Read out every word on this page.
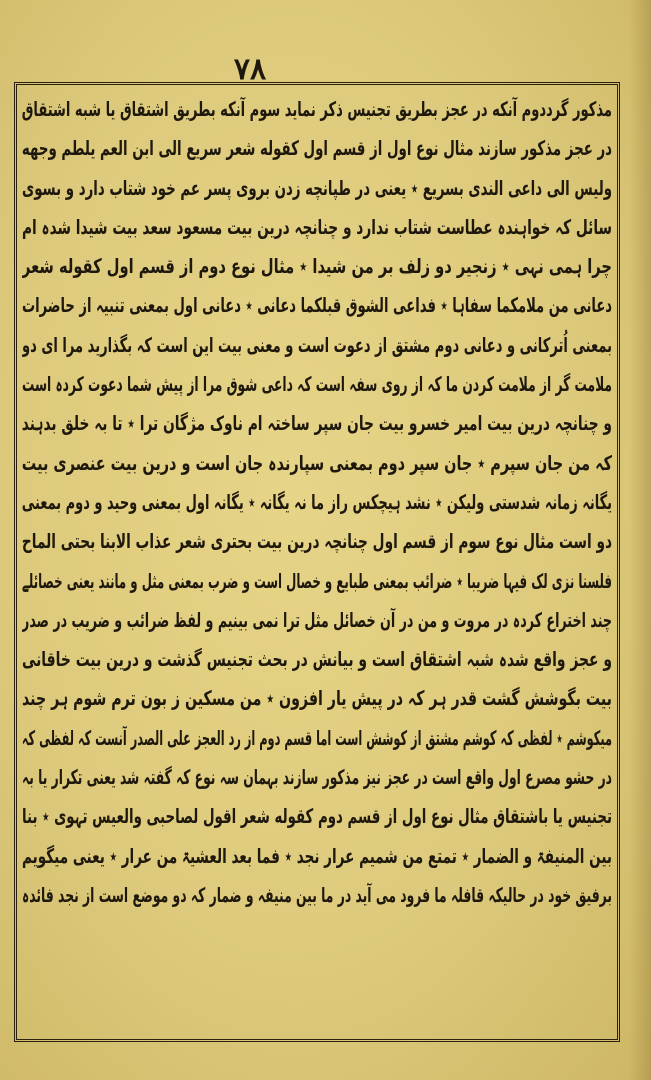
۷۸
مذکور گرددوم آنکه در عجز بطریق تجنیس ذکر نماید سوم آنکه بطریق اشتقاق یا شبه اشتقاق
در عجز مذکور سازند مثال نوع اول از قسم اول کقوله شعر سریع الی ابن العم یلطم وجهه
ولیس الی داعی الندی بسریع ٭ یعنی در طپانچه زدن بروی پسر عم خود شتاب دارد و بسوی
سائل کہ خواہندہ عطاست شتاب ندارد و چنانچہ درین بیت مسعود سعد بیت شیدا شدہ ام
چرا ہمی نہی ٭ زنجیر دو زلف بر من شیدا ٭ مثال نوع دوم از قسم اول کقوله شعر
دعانی من ملامکما سفاہا ٭ فداعی الشوق قبلکما دعانی ٭ دعانی اول بمعنی تنبیہ از حاضرات
بمعنی اُترکانی و دعانی دوم مشتق از دعوت است و معنی بیت این است کہ بگذارید مرا ای دو
ملامت گر از ملامت کردن ما کہ از روی سفہ است کہ داعی شوق مرا از پیش شما دعوت کردہ است
و چنانچہ درین بیت امیر خسرو بیت جان سپر ساختہ ام ناوک مژگان ترا ٭ تا بہ خلق بدہند
کہ من جان سپرم ٭ جان سپر دوم بمعنی سپارندہ جان است و درین بیت عنصری بیت
یگانہ زمانہ شدستی ولیکن ٭ نشد ہیچکس راز ما نہ یگانہ ٭ یگانہ اول بمعنی وحید و دوم بمعنی
دو است مثال نوع سوم از قسم اول چنانچہ درین بیت بحتری شعر عذاب الابنا بحتی الماح
فلسنا نزی لک فیہا ضریبا ٭ ضرائب بمعنی طبایع و خصال است و ضرب بمعنی مثل و مانند یعنی خصائلے
چند اختراع کردہ در مروت و من در آن خصائل مثل ترا نمی بینیم و لفظ ضرائب و ضریب در صدر
و عجز واقع شدہ شبہ اشتقاق است و بیانش در بحث تجنیس گذشت و درین بیت خاقانی
بیت بگوشش گشت قدر ہر کہ در پیش یار افزون ٭ من مسکین ز بون ترم شوم ہر چند
میکوشم ٭ لفظی کہ کوشم مشتق از کوشش است اما قسم دوم از رد العجز علی الصدر آنست کہ لفظی کہ
در حشو مصرع اول واقع است در عجز نیز مذکور سازند بہمان سہ نوع کہ گفتہ شد یعنی تکرار یا بہ
تجنیس یا باشتقاق مثال نوع اول از قسم دوم کقوله شعر اقول لصاحبی والعیس تہوی ٭ بنا
بین المنیفۃ و الضمار ٭ تمتع من شمیم عرار نجد ٭ فما بعد العشیۃ من عرار ٭ یعنی میگویم
برفیق خود در حالیکہ قافلہ ما فرود می آید در ما بین منیفہ و ضمار کہ دو موضع است از نجد فائدہ
